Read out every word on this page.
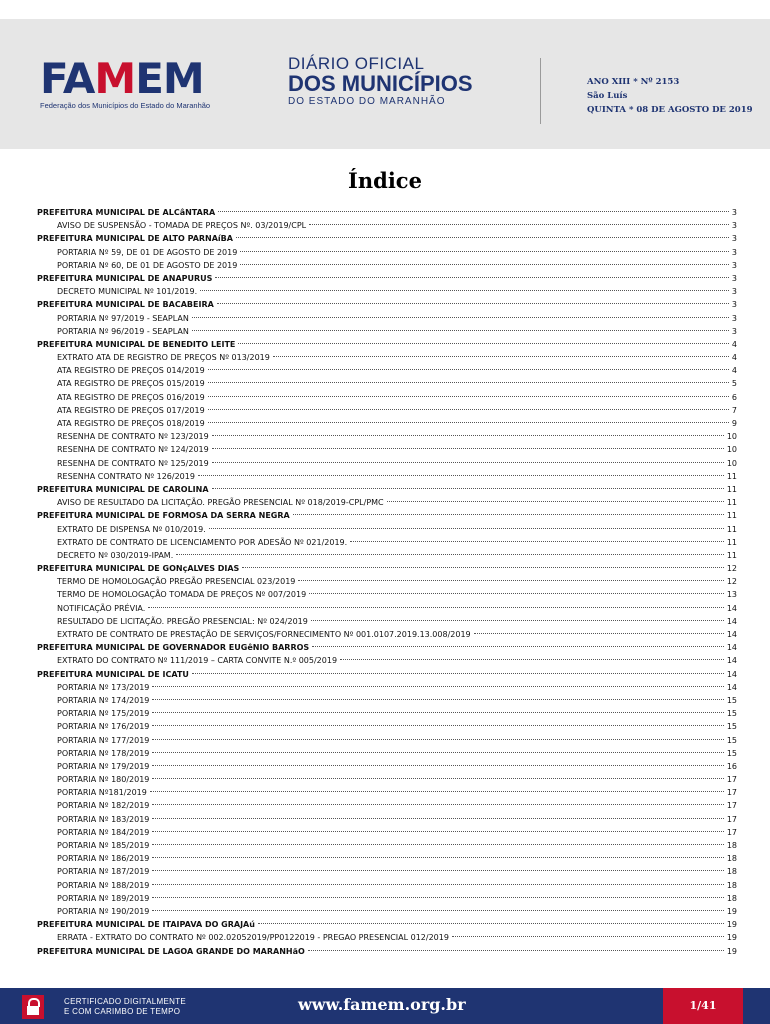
FAMEM
Federação dos Municípios do Estado do Maranhão
DIÁRIO OFICIAL
DOS MUNICÍPIOS
DO ESTADO DO MARANHÃO
ANO XIII * Nº 2153
São Luís
QUINTA * 08 DE AGOSTO DE 2019
Índice
PREFEITURA MUNICIPAL DE ALCâNTARA	3
AVISO DE SUSPENSÃO - TOMADA DE PREÇOS Nº. 03/2019/CPL	3
PREFEITURA MUNICIPAL DE ALTO PARNAíBA	3
PORTARIA Nº 59, DE 01 DE AGOSTO DE 2019	3
PORTARIA Nº 60, DE 01 DE AGOSTO DE 2019	3
PREFEITURA MUNICIPAL DE ANAPURUS	3
DECRETO MUNICIPAL Nº 101/2019.	3
PREFEITURA MUNICIPAL DE BACABEIRA	3
PORTARIA Nº 97/2019 - SEAPLAN	3
PORTARIA Nº 96/2019 - SEAPLAN	3
PREFEITURA MUNICIPAL DE BENEDITO LEITE	4
EXTRATO ATA DE REGISTRO DE PREÇOS Nº 013/2019	4
ATA REGISTRO DE PREÇOS 014/2019	4
ATA REGISTRO DE PREÇOS 015/2019	5
ATA REGISTRO DE PREÇOS 016/2019	6
ATA REGISTRO DE PREÇOS 017/2019	7
ATA REGISTRO DE PREÇOS 018/2019	9
RESENHA DE CONTRATO Nº 123/2019	10
RESENHA DE CONTRATO Nº 124/2019	10
RESENHA DE CONTRATO Nº 125/2019	10
RESENHA CONTRATO Nº 126/2019	11
PREFEITURA MUNICIPAL DE CAROLINA	11
AVISO DE RESULTADO DA LICITAÇÃO. PREGÃO PRESENCIAL Nº 018/2019-CPL/PMC	11
PREFEITURA MUNICIPAL DE FORMOSA DA SERRA NEGRA	11
EXTRATO DE DISPENSA Nº 010/2019.	11
EXTRATO DE CONTRATO DE LICENCIAMENTO POR ADESÃO Nº 021/2019.	11
DECRETO Nº 030/2019-IPAM.	11
PREFEITURA MUNICIPAL DE GONçALVES DIAS	12
TERMO DE HOMOLOGAÇÃO PREGÃO PRESENCIAL 023/2019	12
TERMO DE HOMOLOGAÇÃO TOMADA DE PREÇOS Nº 007/2019	13
NOTIFICAÇÃO PRÉVIA.	14
RESULTADO DE LICITAÇÃO. PREGÃO PRESENCIAL: Nº 024/2019	14
EXTRATO DE CONTRATO DE PRESTAÇÃO DE SERVIÇOS/FORNECIMENTO Nº 001.0107.2019.13.008/2019	14
PREFEITURA MUNICIPAL DE GOVERNADOR EUGêNIO BARROS	14
EXTRATO DO CONTRATO Nº 111/2019 – CARTA CONVITE N.º 005/2019	14
PREFEITURA MUNICIPAL DE ICATU	14
PORTARIA Nº 173/2019	14
PORTARIA Nº 174/2019	15
PORTARIA Nº 175/2019	15
PORTARIA Nº 176/2019	15
PORTARIA Nº 177/2019	15
PORTARIA Nº 178/2019	15
PORTARIA Nº 179/2019	16
PORTARIA Nº 180/2019	17
PORTARIA Nº181/2019	17
PORTARIA Nº 182/2019	17
PORTARIA Nº 183/2019	17
PORTARIA Nº 184/2019	17
PORTARIA Nº 185/2019	18
PORTARIA Nº 186/2019	18
PORTARIA Nº 187/2019	18
PORTARIA Nº 188/2019	18
PORTARIA Nº 189/2019	18
PORTARIA Nº 190/2019	19
PREFEITURA MUNICIPAL DE ITAIPAVA DO GRAJAú	19
ERRATA - EXTRATO DO CONTRATO Nº 002.02052019/PP0122019 - PREGAO PRESENCIAL 012/2019	19
PREFEITURA MUNICIPAL DE LAGOA GRANDE DO MARANHãO	19
CERTIFICADO DIGITALMENTE
E COM CARIMBO DE TEMPO	www.famem.org.br	1/41
